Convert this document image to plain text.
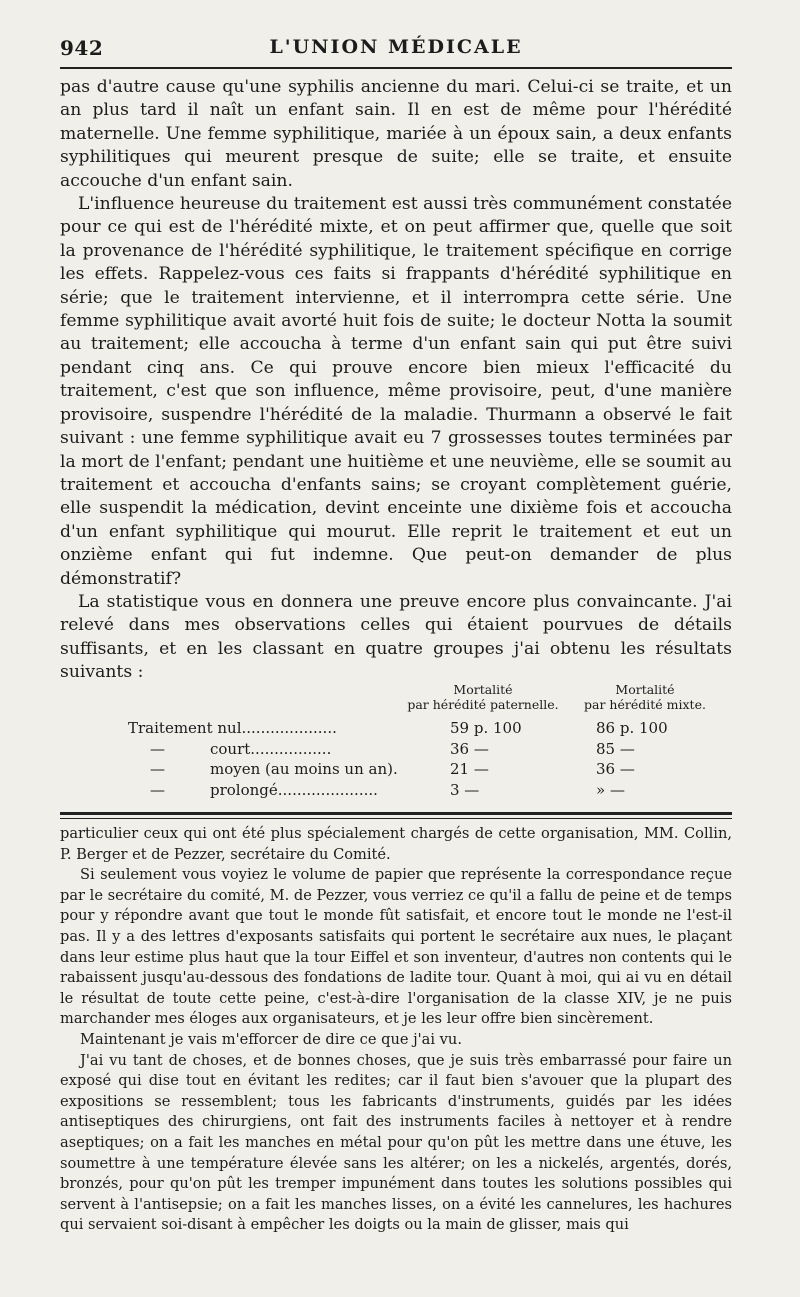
942	L'UNION MÉDICALE

pas d'autre cause qu'une syphilis ancienne du mari. Celui-ci se traite, et un an plus tard il naît un enfant sain. Il en est de même pour l'hérédité maternelle. Une femme syphilitique, mariée à un époux sain, a deux enfants syphilitiques qui meurent presque de suite; elle se traite, et ensuite accouche d'un enfant sain.

L'influence heureuse du traitement est aussi très communément constatée pour ce qui est de l'hérédité mixte, et on peut affirmer que, quelle que soit la provenance de l'hérédité syphilitique, le traitement spécifique en corrige les effets. Rappelez-vous ces faits si frappants d'hérédité syphilitique en série; que le traitement intervienne, et il interrompra cette série. Une femme syphilitique avait avorté huit fois de suite; le docteur Notta la soumit au traitement; elle accoucha à terme d'un enfant sain qui put être suivi pendant cinq ans. Ce qui prouve encore bien mieux l'efficacité du traitement, c'est que son influence, même provisoire, peut, d'une manière provisoire, suspendre l'hérédité de la maladie. Thurmann a observé le fait suivant : une femme syphilitique avait eu 7 grossesses toutes terminées par la mort de l'enfant; pendant une huitième et une neuvième, elle se soumit au traitement et accoucha d'enfants sains; se croyant complètement guérie, elle suspendit la médication, devint enceinte une dixième fois et accoucha d'un enfant syphilitique qui mourut. Elle reprit le traitement et eut un onzième enfant qui fut indemne. Que peut-on demander de plus démonstratif?

La statistique vous en donnera une preuve encore plus convaincante. J'ai relevé dans mes observations celles qui étaient pourvues de détails suffisants, et en les classant en quatre groupes j'ai obtenu les résultats suivants :

Mortalité
par hérédité paternelle.
Mortalité
par hérédité mixte.
Traitement nul....................	59 p. 100	86 p. 100
—	court.................	36 —	85 —
—	moyen (au moins un an).	21 —	36 —
—	prolongé.....................	3 —	» —

particulier ceux qui ont été plus spécialement chargés de cette organisation, MM. Collin, P. Berger et de Pezzer, secrétaire du Comité.

Si seulement vous voyiez le volume de papier que représente la correspondance reçue par le secrétaire du comité, M. de Pezzer, vous verriez ce qu'il a fallu de peine et de temps pour y répondre avant que tout le monde fût satisfait, et encore tout le monde ne l'est-il pas. Il y a des lettres d'exposants satisfaits qui portent le secrétaire aux nues, le plaçant dans leur estime plus haut que la tour Eiffel et son inventeur, d'autres non contents qui le rabaissent jusqu'au-dessous des fondations de ladite tour. Quant à moi, qui ai vu en détail le résultat de toute cette peine, c'est-à-dire l'organisation de la classe XIV, je ne puis marchander mes éloges aux organisateurs, et je les leur offre bien sincèrement.

Maintenant je vais m'efforcer de dire ce que j'ai vu.

J'ai vu tant de choses, et de bonnes choses, que je suis très embarrassé pour faire un exposé qui dise tout en évitant les redites; car il faut bien s'avouer que la plupart des expositions se ressemblent; tous les fabricants d'instruments, guidés par les idées antiseptiques des chirurgiens, ont fait des instruments faciles à nettoyer et à rendre aseptiques; on a fait les manches en métal pour qu'on pût les mettre dans une étuve, les soumettre à une température élevée sans les altérer; on les a nickelés, argentés, dorés, bronzés, pour qu'on pût les tremper impunément dans toutes les solutions possibles qui servent à l'antisepsie; on a fait les manches lisses, on a évité les cannelures, les hachures qui servaient soi-disant à empêcher les doigts ou la main de glisser, mais qui
